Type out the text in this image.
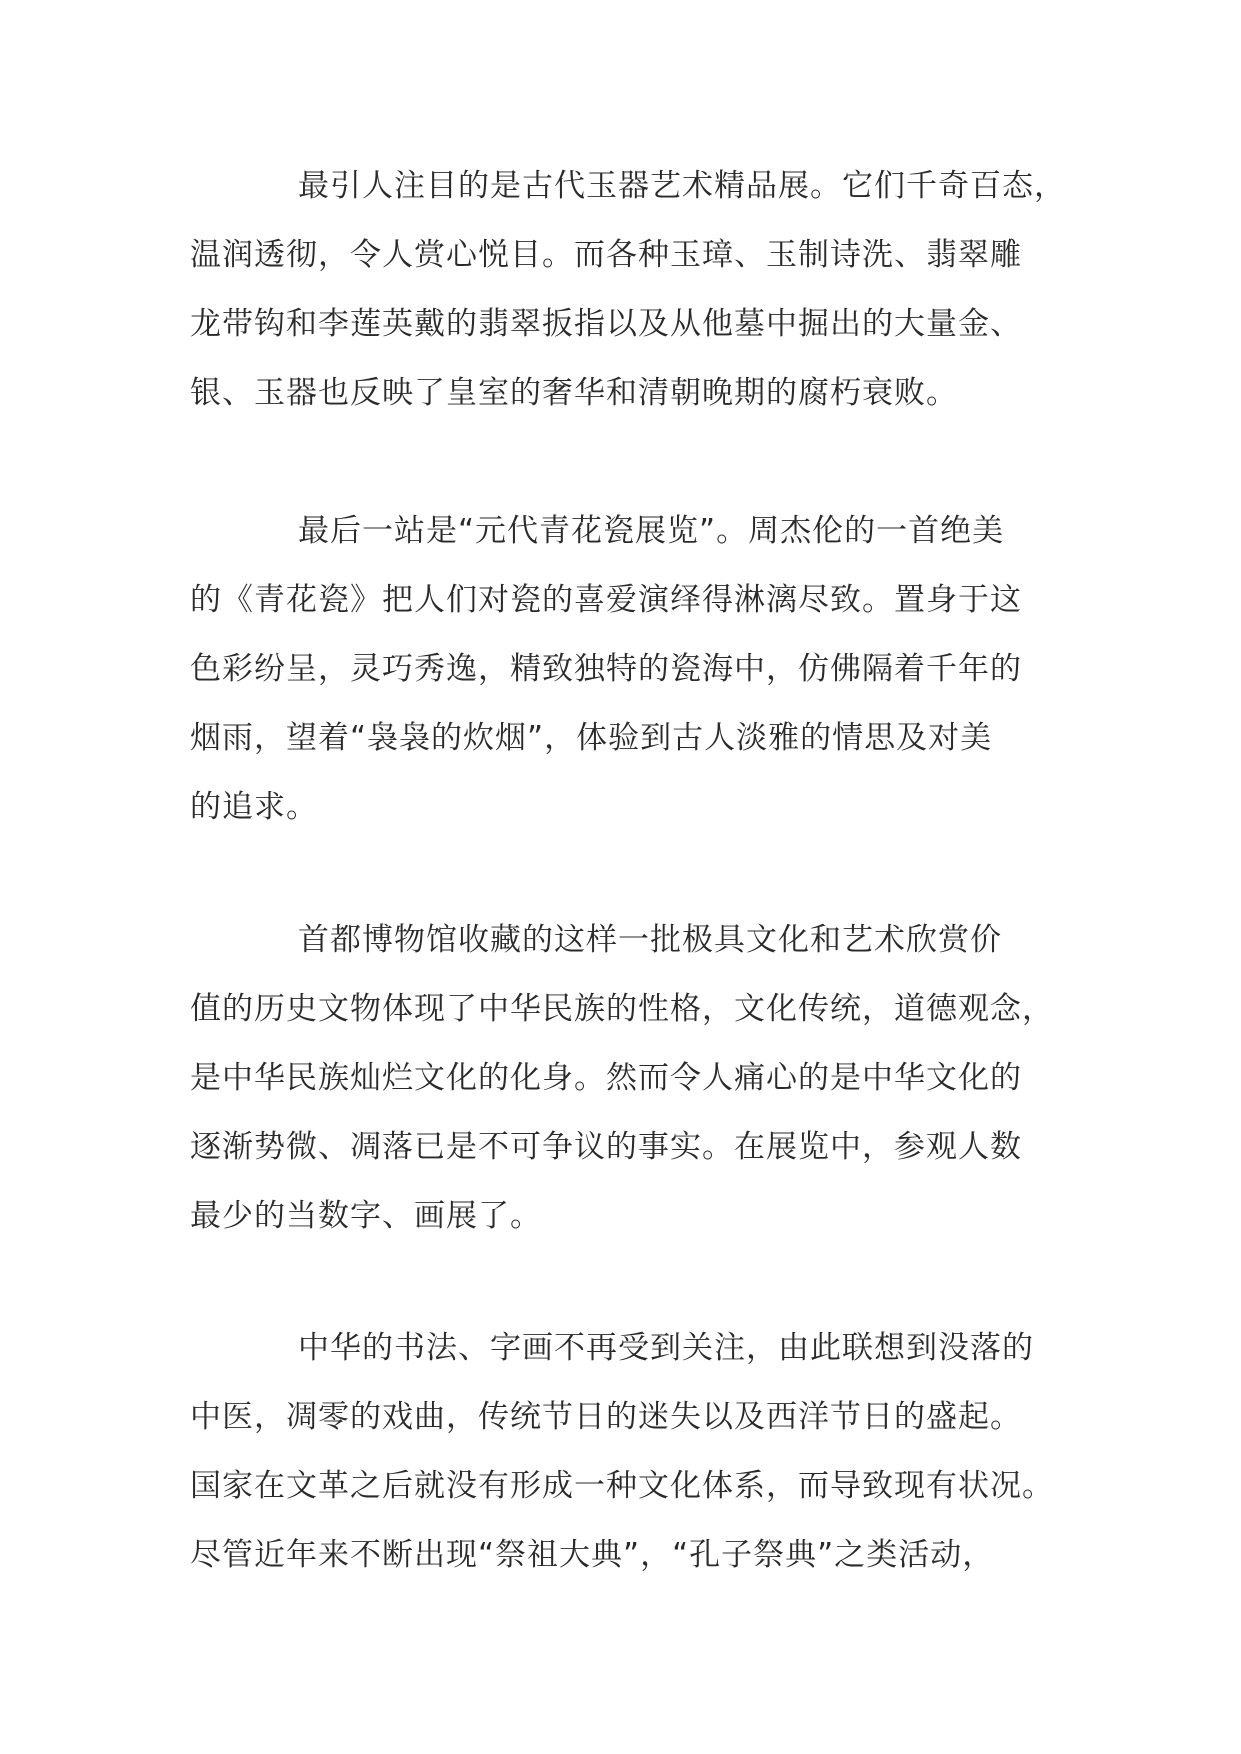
最引人注目的是古代玉器艺术精品展。它们千奇百态，
温润透彻，令人赏心悦目。而各种玉璋、玉制诗洗、翡翠雕
龙带钩和李莲英戴的翡翠扳指以及从他墓中掘出的大量金、
银、玉器也反映了皇室的奢华和清朝晚期的腐朽衰败。
最后一站是“元代青花瓷展览”。周杰伦的一首绝美
的《青花瓷》把人们对瓷的喜爱演绎得淋漓尽致。置身于这
色彩纷呈，灵巧秀逸，精致独特的瓷海中，仿佛隔着千年的
烟雨，望着“袅袅的炊烟”，体验到古人淡雅的情思及对美
的追求。
首都博物馆收藏的这样一批极具文化和艺术欣赏价
值的历史文物体现了中华民族的性格，文化传统，道德观念，
是中华民族灿烂文化的化身。然而令人痛心的是中华文化的
逐渐势微、凋落已是不可争议的事实。在展览中，参观人数
最少的当数字、画展了。
中华的书法、字画不再受到关注，由此联想到没落的
中医，凋零的戏曲，传统节日的迷失以及西洋节日的盛起。
国家在文革之后就没有形成一种文化体系，而导致现有状况。
尽管近年来不断出现“祭祖大典”，“孔子祭典”之类活动，
